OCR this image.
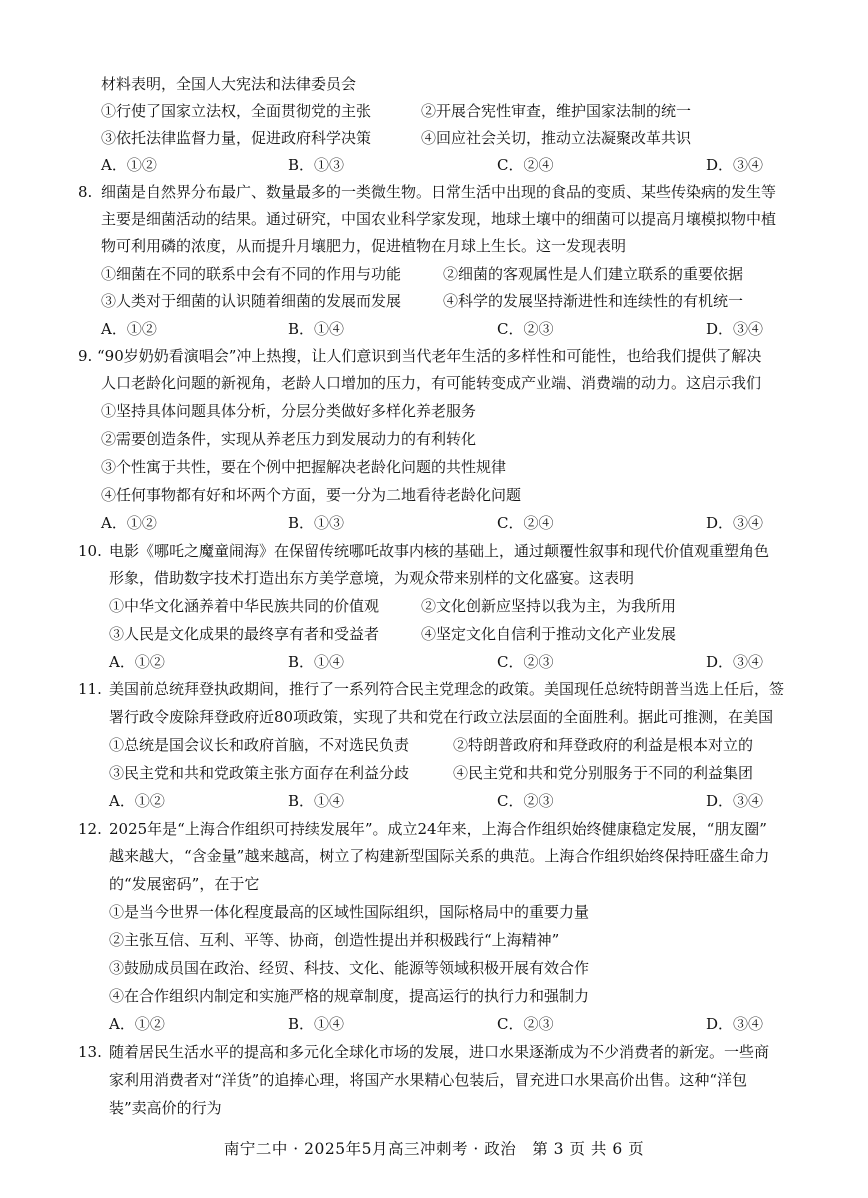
材料表明，全国人大宪法和法律委员会
①行使了国家立法权，全面贯彻党的主张	②开展合宪性审查，维护国家法制的统一
③依托法律监督力量，促进政府科学决策	④回应社会关切，推动立法凝聚改革共识
A．①②	B．①③	C．②④	D．③④
8. 细菌是自然界分布最广、数量最多的一类微生物。日常生活中出现的食品的变质、某些传染病的发生等
主要是细菌活动的结果。通过研究，中国农业科学家发现，地球土壤中的细菌可以提高月壤模拟物中植
物可利用磷的浓度，从而提升月壤肥力，促进植物在月球上生长。这一发现表明
①细菌在不同的联系中会有不同的作用与功能	②细菌的客观属性是人们建立联系的重要依据
③人类对于细菌的认识随着细菌的发展而发展	④科学的发展坚持渐进性和连续性的有机统一
A．①②	B．①④	C．②③	D．③④
9. “90岁奶奶看演唱会”冲上热搜，让人们意识到当代老年生活的多样性和可能性，也给我们提供了解决
人口老龄化问题的新视角，老龄人口增加的压力，有可能转变成产业端、消费端的动力。这启示我们
①坚持具体问题具体分析，分层分类做好多样化养老服务
②需要创造条件，实现从养老压力到发展动力的有利转化
③个性寓于共性，要在个例中把握解决老龄化问题的共性规律
④任何事物都有好和坏两个方面，要一分为二地看待老龄化问题
A．①②	B．①③	C．②④	D．③④
10. 电影《哪吒之魔童闹海》在保留传统哪吒故事内核的基础上，通过颠覆性叙事和现代价值观重塑角色
形象，借助数字技术打造出东方美学意境，为观众带来别样的文化盛宴。这表明
①中华文化涵养着中华民族共同的价值观	②文化创新应坚持以我为主，为我所用
③人民是文化成果的最终享有者和受益者	④坚定文化自信利于推动文化产业发展
A．①②	B．①④	C．②③	D．③④
11. 美国前总统拜登执政期间，推行了一系列符合民主党理念的政策。美国现任总统特朗普当选上任后，签
署行政令废除拜登政府近80项政策，实现了共和党在行政立法层面的全面胜利。据此可推测，在美国
①总统是国会议长和政府首脑，不对选民负责	②特朗普政府和拜登政府的利益是根本对立的
③民主党和共和党政策主张方面存在利益分歧	④民主党和共和党分别服务于不同的利益集团
A．①②	B．①④	C．②③	D．③④
12. 2025年是“上海合作组织可持续发展年”。成立24年来，上海合作组织始终健康稳定发展，“朋友圈”
越来越大，“含金量”越来越高，树立了构建新型国际关系的典范。上海合作组织始终保持旺盛生命力
的“发展密码”，在于它
①是当今世界一体化程度最高的区域性国际组织，国际格局中的重要力量
②主张互信、互利、平等、协商，创造性提出并积极践行“上海精神”
③鼓励成员国在政治、经贸、科技、文化、能源等领域积极开展有效合作
④在合作组织内制定和实施严格的规章制度，提高运行的执行力和强制力
A．①②	B．①④	C．②③	D．③④
13. 随着居民生活水平的提高和多元化全球化市场的发展，进口水果逐渐成为不少消费者的新宠。一些商
家利用消费者对“洋货”的追捧心理，将国产水果精心包装后，冒充进口水果高价出售。这种“洋包
装”卖高价的行为
南宁二中 · 2025年5月高三冲刺考 · 政治　第 3 页 共 6 页
